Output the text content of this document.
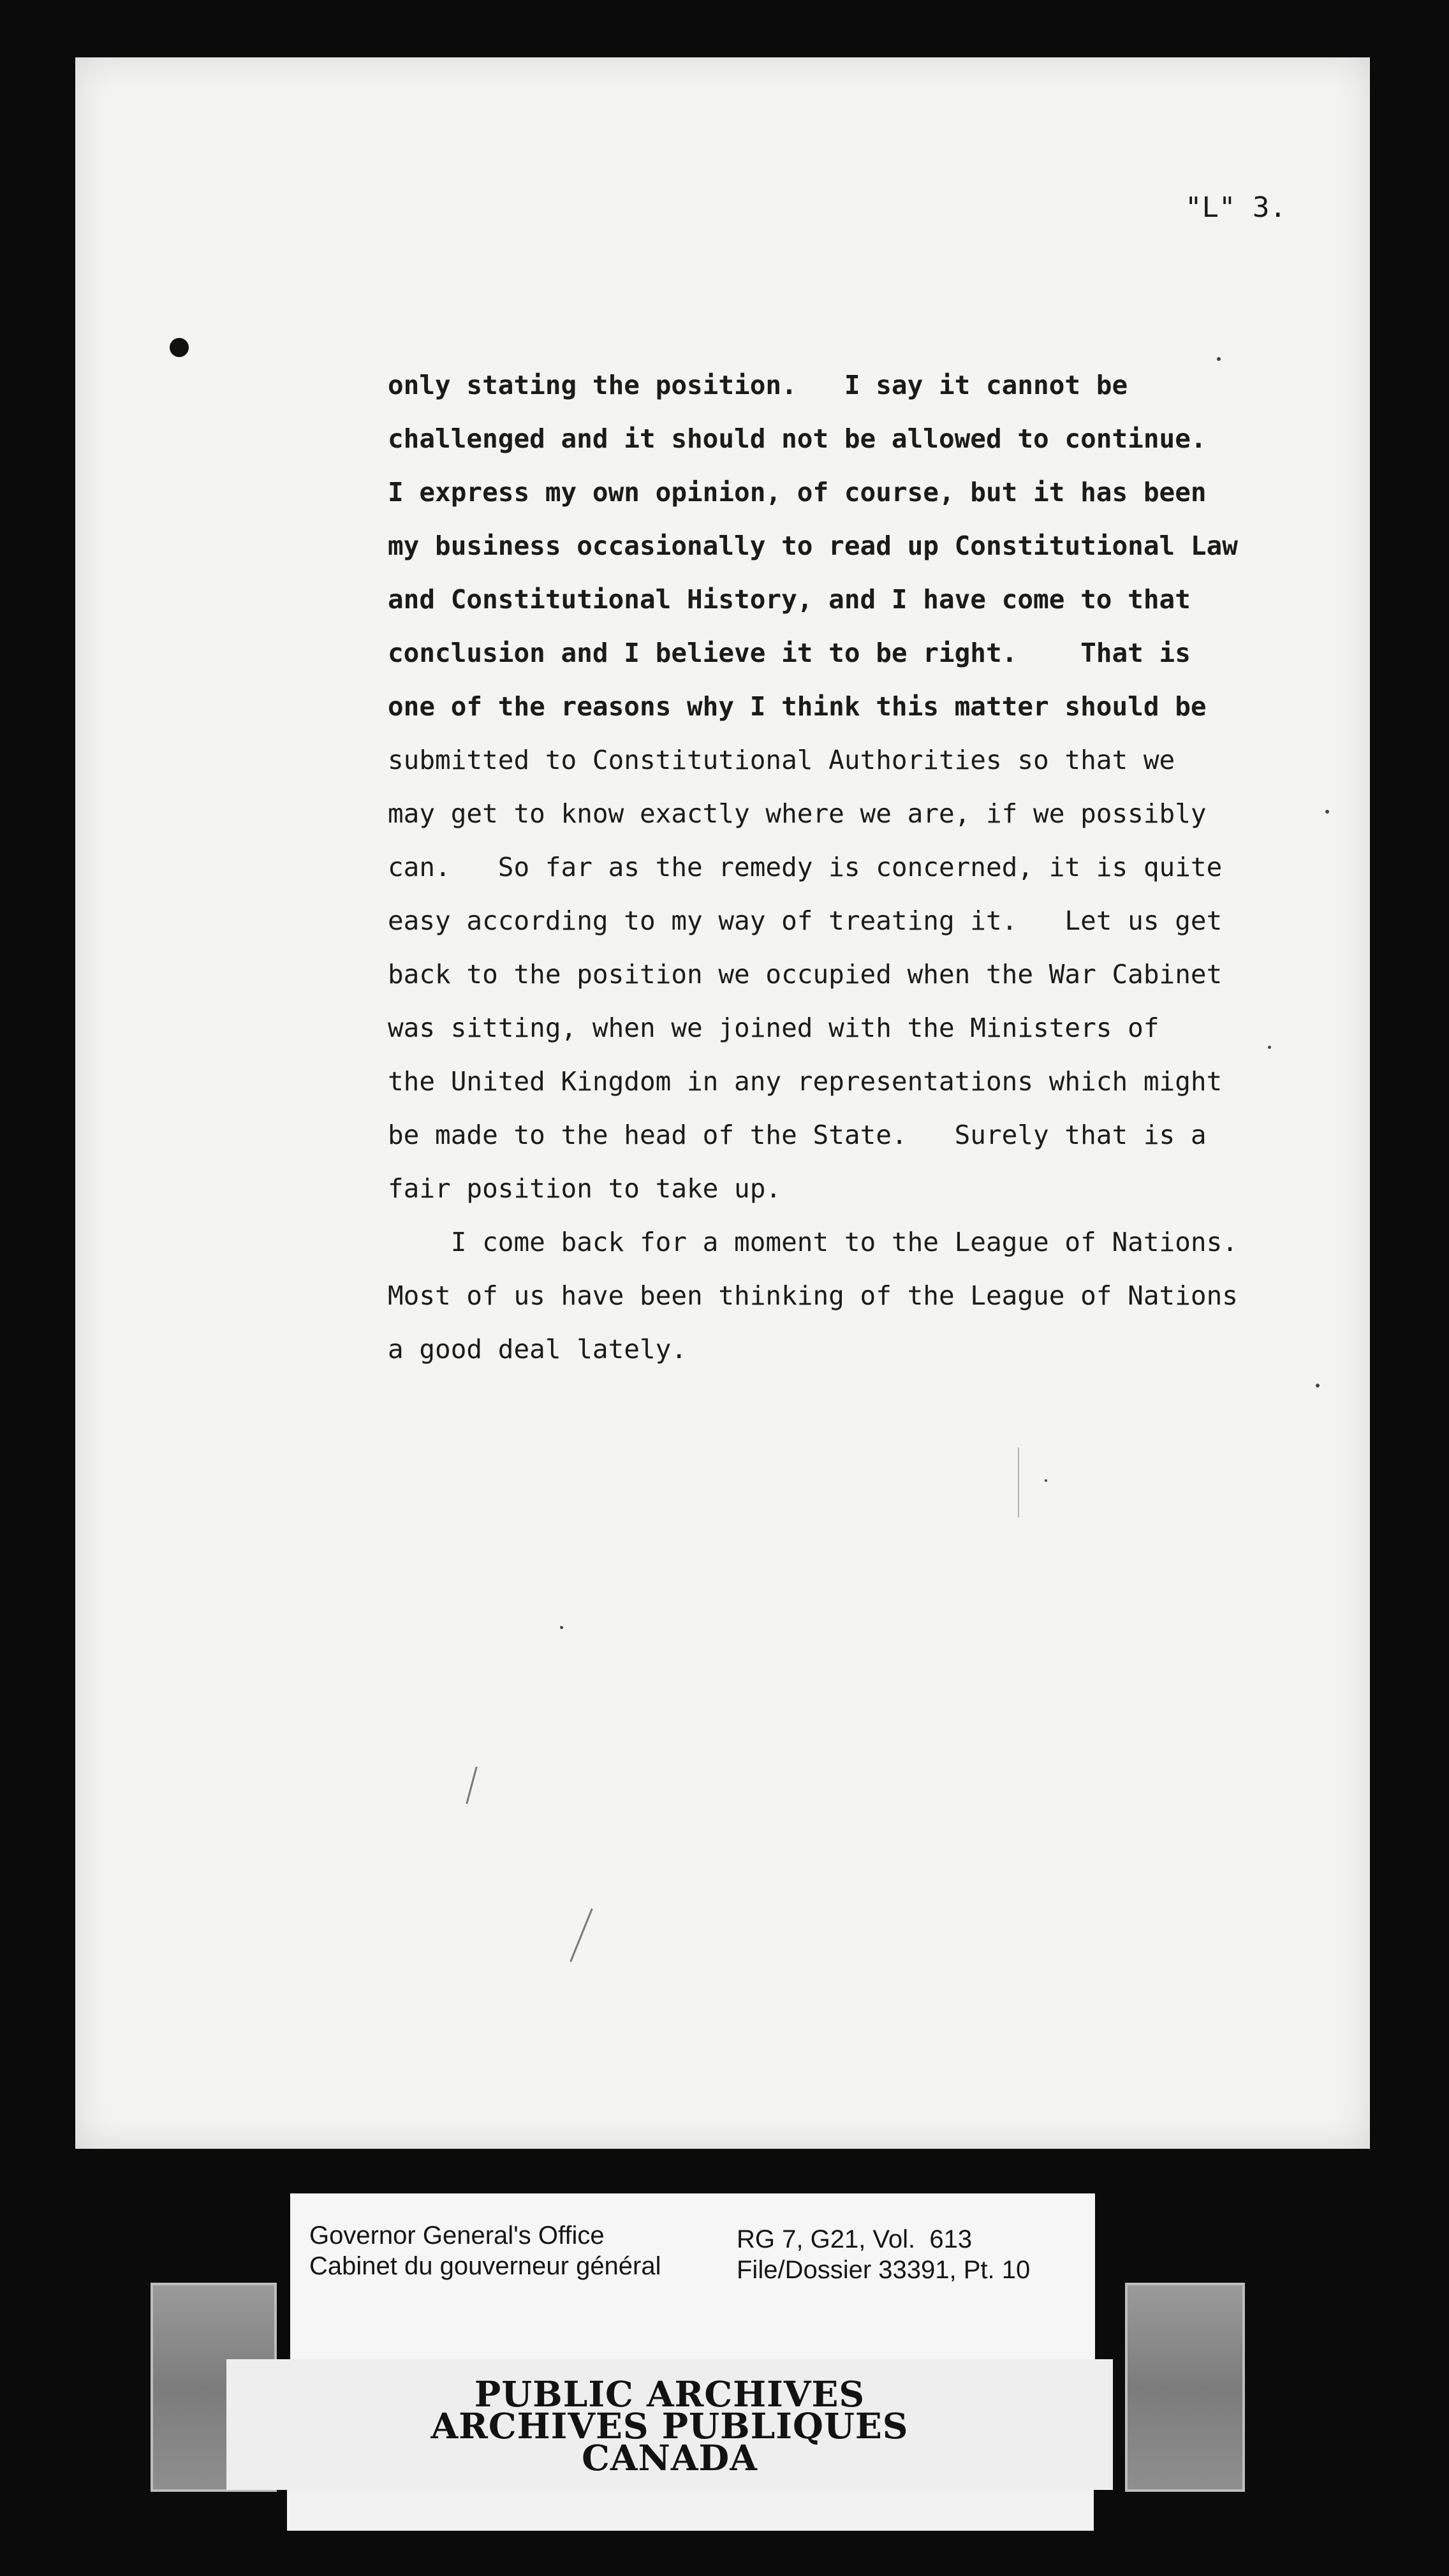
"L" 3.
only stating the position.   I say it cannot be
challenged and it should not be allowed to continue.
I express my own opinion, of course, but it has been
my business occasionally to read up Constitutional Law
and Constitutional History, and I have come to that
conclusion and I believe it to be right.    That is
one of the reasons why I think this matter should be
submitted to Constitutional Authorities so that we
may get to know exactly where we are, if we possibly
can.   So far as the remedy is concerned, it is quite
easy according to my way of treating it.   Let us get
back to the position we occupied when the War Cabinet
was sitting, when we joined with the Ministers of
the United Kingdom in any representations which might
be made to the head of the State.   Surely that is a
fair position to take up.
I come back for a moment to the League of Nations.
Most of us have been thinking of the League of Nations
a good deal lately.
Governor General's Office
Cabinet du gouverneur général
RG 7, G21, Vol.  613
File/Dossier 33391, Pt. 10
PUBLIC ARCHIVES
ARCHIVES PUBLIQUES
CANADA
